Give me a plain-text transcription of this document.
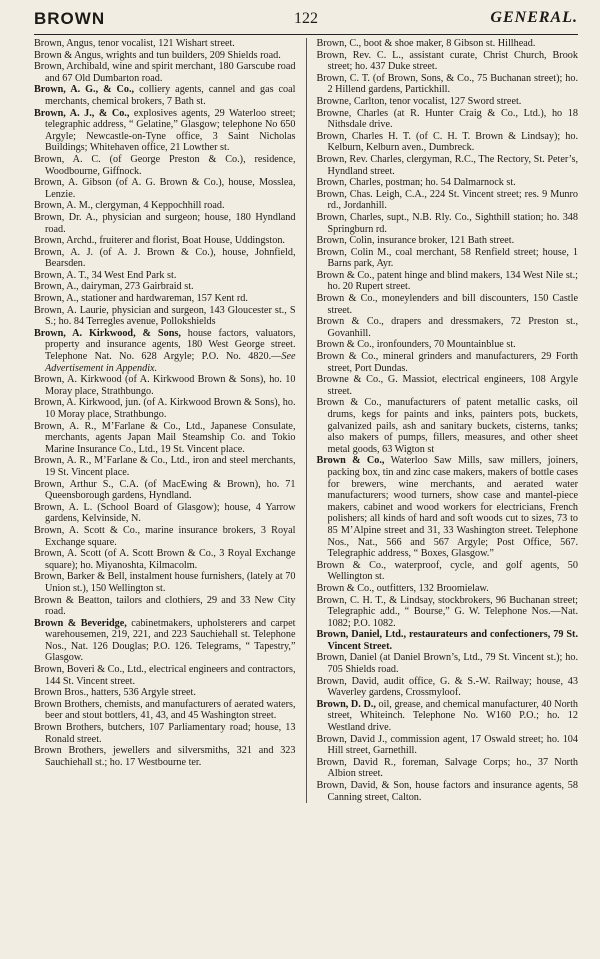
BROWN	122	GENERAL.

Brown, Angus, tenor vocalist, 121 Wishart street.

Brown & Angus, wrights and tun builders, 209 Shields road.

Brown, Archibald, wine and spirit merchant, 180 Garscube road and 67 Old Dumbarton road.

Brown, A. G., & Co., colliery agents, cannel and gas coal merchants, chemical brokers, 7 Bath st.

Brown, A. J., & Co., explosives agents, 29 Waterloo street; telegraphic address, “ Gelatine,” Glasgow; telephone No 650 Argyle; Newcastle-on-Tyne office, 3 Saint Nicholas Buildings; Whitehaven office, 21 Lowther st.

Brown, A. C. (of George Preston & Co.), residence, Woodbourne, Giffnock.

Brown, A. Gibson (of A. G. Brown & Co.), house, Mosslea, Lenzie.

Brown, A. M., clergyman, 4 Keppochhill road.

Brown, Dr. A., physician and surgeon; house, 180 Hyndland road.

Brown, Archd., fruiterer and florist, Boat House, Uddingston.

Brown, A. J. (of A. J. Brown & Co.), house, Johnfield, Bearsden.

Brown, A. T., 34 West End Park st.

Brown, A., dairyman, 273 Gairbraid st.

Brown, A., stationer and hardwareman, 157 Kent rd.

Brown, A. Laurie, physician and surgeon, 143 Gloucester st., S S.; ho. 84 Terregles avenue, Pollokshields

Brown, A. Kirkwood, & Sons, house factors, valuators, property and insurance agents, 180 West George street. Telephone Nat. No. 628 Argyle; P.O. No. 4820.—See Advertisement in Appendix.

Brown, A. Kirkwood (of A. Kirkwood Brown & Sons), ho. 10 Moray place, Strathbungo.

Brown, A. Kirkwood, jun. (of A. Kirkwood Brown & Sons), ho. 10 Moray place, Strathbungo.

Brown, A. R., M’Farlane & Co., Ltd., Japanese Consulate, merchants, agents Japan Mail Steamship Co. and Tokio Marine Insurance Co., Ltd., 19 St. Vincent place.

Brown, A. R., M’Farlane & Co., Ltd., iron and steel merchants, 19 St. Vincent place.

Brown, Arthur S., C.A. (of MacEwing & Brown), ho. 71 Queensborough gardens, Hyndland.

Brown, A. L. (School Board of Glasgow); house, 4 Yarrow gardens, Kelvinside, N.

Brown, A. Scott & Co., marine insurance brokers, 3 Royal Exchange square.

Brown, A. Scott (of A. Scott Brown & Co., 3 Royal Exchange square); ho. Miyanoshta, Kilmacolm.

Brown, Barker & Bell, instalment house furnishers, (lately at 70 Union st.), 150 Wellington st.

Brown & Beatton, tailors and clothiers, 29 and 33 New City road.

Brown & Beveridge, cabinetmakers, upholsterers and carpet warehousemen, 219, 221, and 223 Sauchiehall st. Telephone Nos., Nat. 126 Douglas; P.O. 126. Telegrams, “ Tapestry,” Glasgow.

Brown, Boveri & Co., Ltd., electrical engineers and contractors, 144 St. Vincent street.

Brown Bros., hatters, 536 Argyle street.

Brown Brothers, chemists, and manufacturers of aerated waters, beer and stout bottlers, 41, 43, and 45 Washington street.

Brown Brothers, butchers, 107 Parliamentary road; house, 13 Ronald street.

Brown Brothers, jewellers and silversmiths, 321 and 323 Sauchiehall st.; ho. 17 Westbourne ter.

Brown, C., boot & shoe maker, 8 Gibson st. Hillhead.

Brown, Rev. C. L., assistant curate, Christ Church, Brook street; ho. 437 Duke street.

Brown, C. T. (of Brown, Sons, & Co., 75 Buchanan street); ho. 2 Hillend gardens, Partickhill.

Browne, Carlton, tenor vocalist, 127 Sword street.

Browne, Charles (at R. Hunter Craig & Co., Ltd.), ho 18 Nithsdale drive.

Brown, Charles H. T. (of C. H. T. Brown & Lindsay); ho. Kelburn, Kelburn aven., Dumbreck.

Brown, Rev. Charles, clergyman, R.C., The Rectory, St. Peter’s, Hyndland street.

Brown, Charles, postman; ho. 54 Dalmarnock st.

Brown, Chas. Leigh, C.A., 224 St. Vincent street; res. 9 Munro rd., Jordanhill.

Brown, Charles, supt., N.B. Rly. Co., Sighthill station; ho. 348 Springburn rd.

Brown, Colin, insurance broker, 121 Bath street.

Brown, Colin M., coal merchant, 58 Renfield street; house, 1 Barns park, Ayr.

Brown & Co., patent hinge and blind makers, 134 West Nile st.; ho. 20 Rupert street.

Brown & Co., moneylenders and bill discounters, 150 Castle street.

Brown & Co., drapers and dressmakers, 72 Preston st., Govanhill.

Brown & Co., ironfounders, 70 Mountainblue st.

Brown & Co., mineral grinders and manufacturers, 29 Forth street, Port Dundas.

Browne & Co., G. Massiot, electrical engineers, 108 Argyle street.

Brown & Co., manufacturers of patent metallic casks, oil drums, kegs for paints and inks, painters pots, buckets, galvanized pails, ash and sanitary buckets, cisterns, tanks; also makers of pumps, fillers, measures, and other sheet metal goods, 63 Wigton st

Brown & Co., Waterloo Saw Mills, saw millers, joiners, packing box, tin and zinc case makers, makers of bottle cases for brewers, wine merchants, and aerated water manufacturers; wood turners, show case and mantel-piece makers, cabinet and wood workers for electricians, French polishers; all kinds of hard and soft woods cut to sizes, 73 to 85 M’Alpine street and 31, 33 Washington street. Telephone Nos., Nat., 566 and 567 Argyle; Post Office, 567. Telegraphic address, “ Boxes, Glasgow.”

Brown & Co., waterproof, cycle, and golf agents, 50 Wellington st.

Brown & Co., outfitters, 132 Broomielaw.

Brown, C. H. T., & Lindsay, stockbrokers, 96 Buchanan street; Telegraphic add., “ Bourse,” G. W. Telephone Nos.—Nat. 1082; P.O. 1082.

Brown, Daniel, Ltd., restaurateurs and confectioners, 79 St. Vincent Street.

Brown, Daniel (at Daniel Brown’s, Ltd., 79 St. Vincent st.); ho. 705 Shields road.

Brown, David, audit office, G. & S.-W. Railway; house, 43 Waverley gardens, Crossmyloof.

Brown, D. D., oil, grease, and chemical manufacturer, 40 North street, Whiteinch. Telephone No. W160 P.O.; ho. 12 Westland drive.

Brown, David J., commission agent, 17 Oswald street; ho. 104 Hill street, Garnethill.

Brown, David R., foreman, Salvage Corps; ho., 37 North Albion street.

Brown, David, & Son, house factors and insurance agents, 58 Canning street, Calton.
